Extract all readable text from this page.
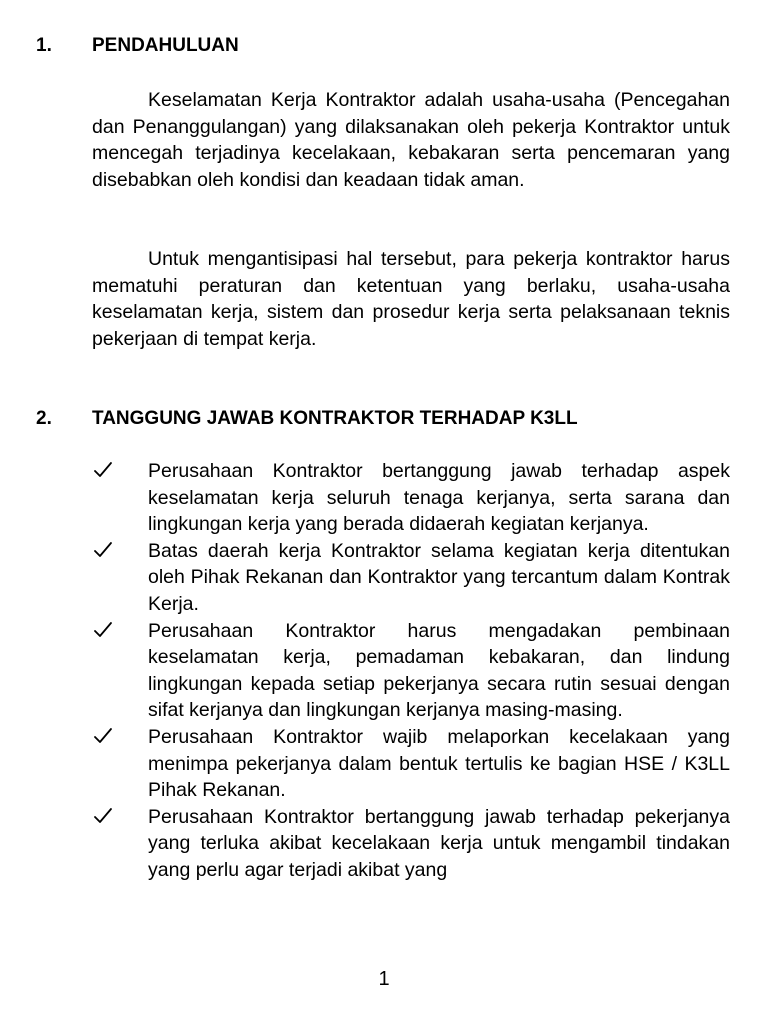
1. PENDAHULUAN

Keselamatan Kerja Kontraktor adalah usaha-usaha (Pencegahan dan Penanggulangan) yang dilaksanakan oleh pekerja Kontraktor untuk mencegah terjadinya kecelakaan, kebakaran serta pencemaran yang disebabkan oleh kondisi dan keadaan tidak aman.

Untuk mengantisipasi hal tersebut, para pekerja kontraktor harus mematuhi peraturan dan ketentuan yang berlaku, usaha-usaha keselamatan kerja, sistem dan prosedur kerja serta pelaksanaan teknis pekerjaan di tempat kerja.

2. TANGGUNG JAWAB KONTRAKTOR TERHADAP K3LL
Perusahaan Kontraktor bertanggung jawab terhadap aspek keselamatan kerja seluruh tenaga kerjanya, serta sarana dan lingkungan kerja yang berada didaerah kegiatan kerjanya.
Batas daerah kerja Kontraktor selama kegiatan kerja ditentukan oleh Pihak Rekanan dan Kontraktor yang tercantum dalam Kontrak Kerja.
Perusahaan Kontraktor harus mengadakan pembinaan keselamatan kerja, pemadaman kebakaran, dan lindung lingkungan kepada setiap pekerjanya secara rutin sesuai dengan sifat kerjanya dan lingkungan kerjanya masing-masing.
Perusahaan Kontraktor wajib melaporkan kecelakaan yang menimpa pekerjanya dalam bentuk tertulis ke bagian HSE / K3LL Pihak Rekanan.
Perusahaan Kontraktor bertanggung jawab terhadap pekerjanya yang terluka akibat kecelakaan kerja untuk mengambil tindakan yang perlu agar terjadi akibat yang
1
